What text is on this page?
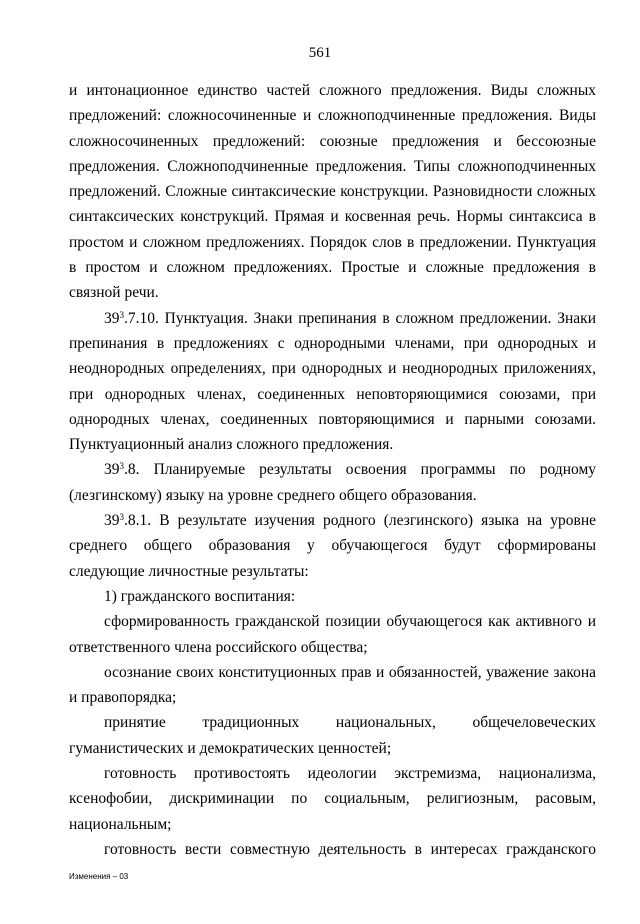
561
и интонационное единство частей сложного предложения. Виды сложных предложений: сложносочиненные и сложноподчиненные предложения. Виды сложносочиненных предложений: союзные предложения и бессоюзные предложения. Сложноподчиненные предложения. Типы сложноподчиненных предложений. Сложные синтаксические конструкции. Разновидности сложных синтаксических конструкций. Прямая и косвенная речь. Нормы синтаксиса в простом и сложном предложениях. Порядок слов в предложении. Пунктуация в простом и сложном предложениях. Простые и сложные предложения в связной речи.
$39^3.7.10$. Пунктуация. Знаки препинания в сложном предложении. Знаки препинания в предложениях с однородными членами, при однородных и неоднородных определениях, при однородных и неоднородных приложениях, при однородных членах, соединенных неповторяющимися союзами, при однородных членах, соединенных повторяющимися и парными союзами. Пунктуационный анализ сложного предложения.
$39^3.8$. Планируемые результаты освоения программы по родному (лезгинскому) языку на уровне среднего общего образования.
$39^3.8.1$. В результате изучения родного (лезгинского) языка на уровне среднего общего образования у обучающегося будут сформированы следующие личностные результаты:
1) гражданского воспитания:
сформированность гражданской позиции обучающегося как активного и ответственного члена российского общества;
осознание своих конституционных прав и обязанностей, уважение закона и правопорядка;
принятие традиционных национальных, общечеловеческих гуманистических и демократических ценностей;
готовность противостоять идеологии экстремизма, национализма, ксенофобии, дискриминации по социальным, религиозным, расовым, национальным;
готовность вести совместную деятельность в интересах гражданского
Изменения – 03
